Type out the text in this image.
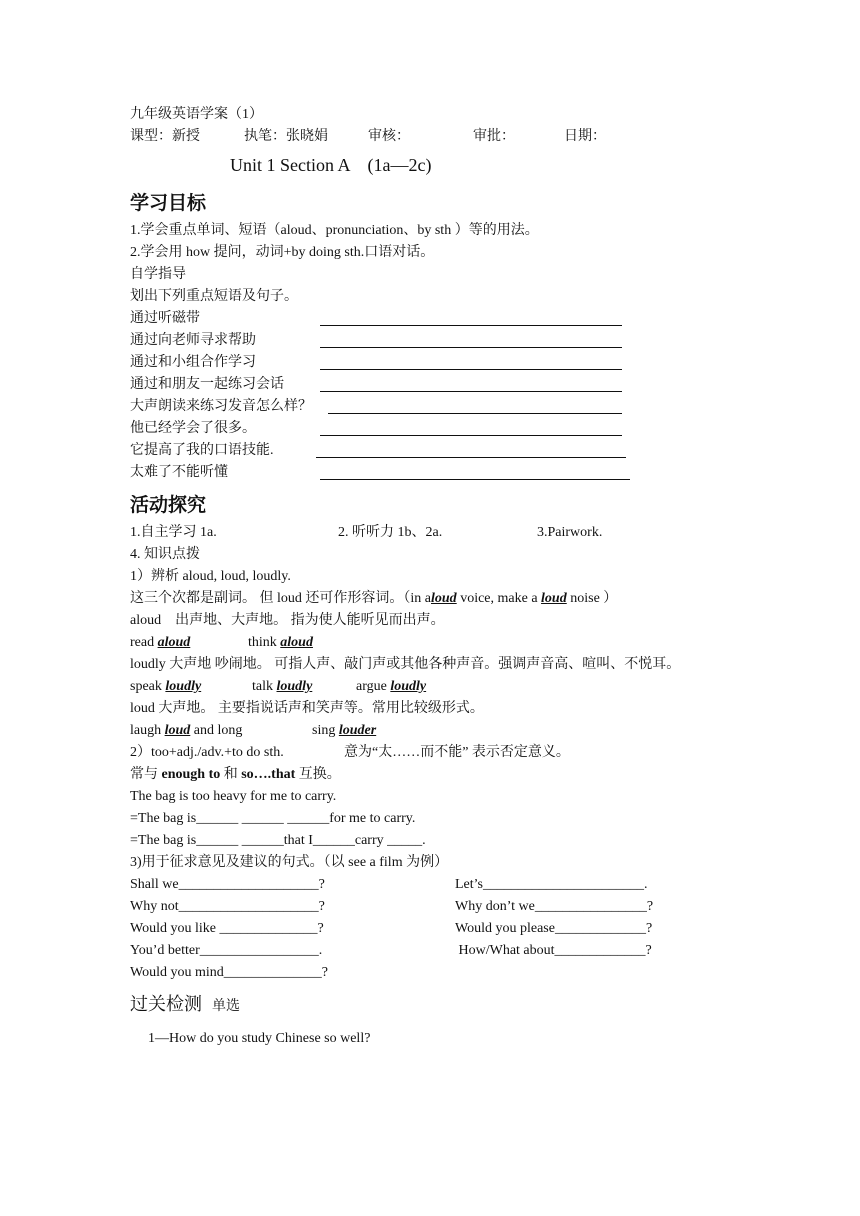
九年级英语学案（1）
课型：新授	执笔：张晓娟	审核：	审批：	日期：
Unit 1 Section A　(1a—2c)
学习目标
1.学会重点单词、短语（aloud、pronunciation、by sth ）等的用法。
2.学会用 how 提问，动词+by doing sth.口语对话。
自学指导
划出下列重点短语及句子。
通过听磁带
通过向老师寻求帮助
通过和小组合作学习
通过和朋友一起练习会话
大声朗读来练习发音怎么样？
他已经学会了很多。
它提高了我的口语技能.
太难了不能听懂
活动探究
1.自主学习 1a.	2. 听听力 1b、2a.	3.Pairwork.
4. 知识点拨
1）辨析 aloud, loud, loudly.
这三个次都是副词。 但 loud 还可作形容词。（in aloud voice, make a loud noise ）
aloud　出声地、大声地。 指为使人能听见而出声。
read aloud	think aloud
loudly 大声地 吵闹地。 可指人声、敲门声或其他各种声音。强调声音高、喧叫、不悦耳。
speak loudly	talk loudly	argue loudly
loud 大声地。 主要指说话声和笑声等。常用比较级形式。
laugh loud and long	sing louder
2）too+adj./adv.+to do sth.	意为“太……而不能” 表示否定意义。
常与 enough to 和 so….that 互换。
The bag is too heavy for me to carry.
=The bag is______ ______ ______for me to carry.
=The bag is______ ______that I______carry _____.
3)用于征求意见及建议的句式。（以 see a film 为例）
Shall we____________________?	Let’s_______________________.
Why not____________________?	Why don’t we________________?
Would you like ______________?	Would you please_____________?
You’d better_________________.	How/What about_____________?
Would you mind______________?
过关检测 单选
1—How do you study Chinese so well?
